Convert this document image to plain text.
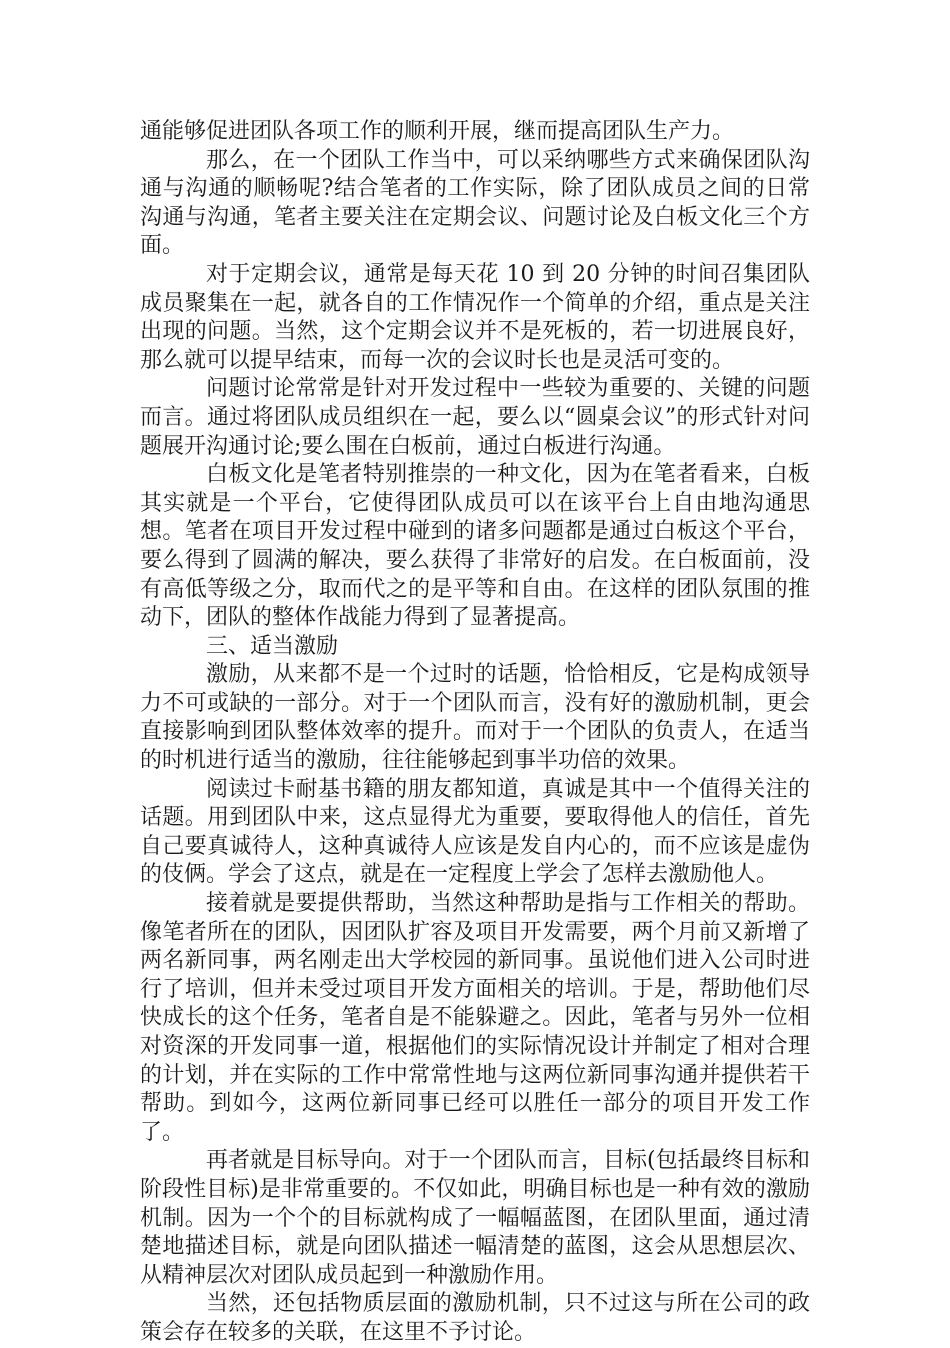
通能够促进团队各项工作的顺利开展，继而提高团队生产力。

那么，在一个团队工作当中，可以采纳哪些方式来确保团队沟通与沟通的顺畅呢?结合笔者的工作实际，除了团队成员之间的日常沟通与沟通，笔者主要关注在定期会议、问题讨论及白板文化三个方面。

对于定期会议，通常是每天花 10 到 20 分钟的时间召集团队成员聚集在一起，就各自的工作情况作一个简单的介绍，重点是关注出现的问题。当然，这个定期会议并不是死板的，若一切进展良好，那么就可以提早结束，而每一次的会议时长也是灵活可变的。

问题讨论常常是针对开发过程中一些较为重要的、关键的问题而言。通过将团队成员组织在一起，要么以“圆桌会议”的形式针对问题展开沟通讨论;要么围在白板前，通过白板进行沟通。

白板文化是笔者特别推崇的一种文化，因为在笔者看来，白板其实就是一个平台，它使得团队成员可以在该平台上自由地沟通思想。笔者在项目开发过程中碰到的诸多问题都是通过白板这个平台，要么得到了圆满的解决，要么获得了非常好的启发。在白板面前，没有高低等级之分，取而代之的是平等和自由。在这样的团队氛围的推动下，团队的整体作战能力得到了显著提高。

三、适当激励

激励，从来都不是一个过时的话题，恰恰相反，它是构成领导力不可或缺的一部分。对于一个团队而言，没有好的激励机制，更会直接影响到团队整体效率的提升。而对于一个团队的负责人，在适当的时机进行适当的激励，往往能够起到事半功倍的效果。

阅读过卡耐基书籍的朋友都知道，真诚是其中一个值得关注的话题。用到团队中来，这点显得尤为重要，要取得他人的信任，首先自己要真诚待人，这种真诚待人应该是发自内心的，而不应该是虚伪的伎俩。学会了这点，就是在一定程度上学会了怎样去激励他人。

接着就是要提供帮助，当然这种帮助是指与工作相关的帮助。像笔者所在的团队，因团队扩容及项目开发需要，两个月前又新增了两名新同事，两名刚走出大学校园的新同事。虽说他们进入公司时进行了培训，但并未受过项目开发方面相关的培训。于是，帮助他们尽快成长的这个任务，笔者自是不能躲避之。因此，笔者与另外一位相对资深的开发同事一道，根据他们的实际情况设计并制定了相对合理的计划，并在实际的工作中常常性地与这两位新同事沟通并提供若干帮助。到如今，这两位新同事已经可以胜任一部分的项目开发工作了。

再者就是目标导向。对于一个团队而言，目标(包括最终目标和阶段性目标)是非常重要的。不仅如此，明确目标也是一种有效的激励机制。因为一个个的目标就构成了一幅幅蓝图，在团队里面，通过清楚地描述目标，就是向团队描述一幅清楚的蓝图，这会从思想层次、从精神层次对团队成员起到一种激励作用。

当然，还包括物质层面的激励机制，只不过这与所在公司的政策会存在较多的关联，在这里不予讨论。
